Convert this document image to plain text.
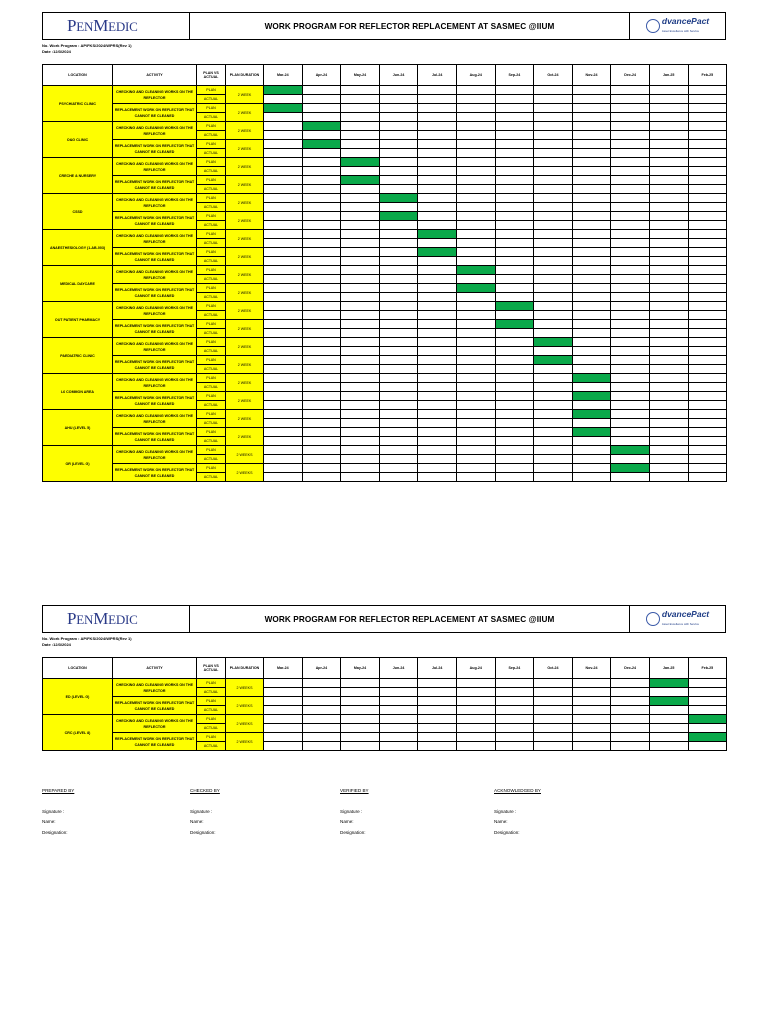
PENMEDIC	WORK PROGRAM FOR REFLECTOR REPLACEMENT AT SASMEC @IIUM	dvancePact
Asset Excellence with Service
No. Work Program : AP/FKS/2024/WPRS(Rev 1)
Date :12/3/2024
LOCATION	ACTIVITY	PLAN VS ACTUAL	PLAN DURATION	Mar-24	Apr-24	May-24	Jun-24	Jul-24	Aug-24	Sep-24	Oct-24	Nov-24	Dec-24	Jan-25	Feb-25
PSYCHIATRIC CLINIC	CHECKING AND CLEANING WORKS ON THE REFLECTOR	PLAN	2 WEEK												
		ACTUAL													
	REPLACEMENT WORK ON REFLECTOR THAT CANNOT BE CLEANED	PLAN	2 WEEK												
		ACTUAL													
O&G CLINIC	CHECKING AND CLEANING WORKS ON THE REFLECTOR	PLAN	2 WEEK												
		ACTUAL													
	REPLACEMENT WORK ON REFLECTOR THAT CANNOT BE CLEANED	PLAN	2 WEEK												
		ACTUAL													
CRECHE & NURSERY	CHECKING AND CLEANING WORKS ON THE REFLECTOR	PLAN	2 WEEK												
		ACTUAL													
	REPLACEMENT WORK ON REFLECTOR THAT CANNOT BE CLEANED	PLAN	2 WEEK												
		ACTUAL													
CSSD	CHECKING AND CLEANING WORKS ON THE REFLECTOR	PLAN	2 WEEK												
		ACTUAL													
	REPLACEMENT WORK ON REFLECTOR THAT CANNOT BE CLEANED	PLAN	2 WEEK												
		ACTUAL													
ANAESTHESIOLOGY (1-AB-003)	CHECKING AND CLEANING WORKS ON THE REFLECTOR	PLAN	2 WEEK												
		ACTUAL													
	REPLACEMENT WORK ON REFLECTOR THAT CANNOT BE CLEANED	PLAN	2 WEEK												
		ACTUAL													
MEDICAL DAYCARE	CHECKING AND CLEANING WORKS ON THE REFLECTOR	PLAN	2 WEEK												
		ACTUAL													
	REPLACEMENT WORK ON REFLECTOR THAT CANNOT BE CLEANED	PLAN	2 WEEK												
		ACTUAL													
OUT PATIENT PHARMACY	CHECKING AND CLEANING WORKS ON THE REFLECTOR	PLAN	2 WEEK												
		ACTUAL													
	REPLACEMENT WORK ON REFLECTOR THAT CANNOT BE CLEANED	PLAN	2 WEEK												
		ACTUAL													
PAEDIATRIC CLINIC	CHECKING AND CLEANING WORKS ON THE REFLECTOR	PLAN	2 WEEK												
		ACTUAL													
	REPLACEMENT WORK ON REFLECTOR THAT CANNOT BE CLEANED	PLAN	2 WEEK												
		ACTUAL													
L6 COMMON AREA	CHECKING AND CLEANING WORKS ON THE REFLECTOR	PLAN	2 WEEK												
		ACTUAL													
	REPLACEMENT WORK ON REFLECTOR THAT CANNOT BE CLEANED	PLAN	2 WEEK												
		ACTUAL													
AHU (LEVEL 5)	CHECKING AND CLEANING WORKS ON THE REFLECTOR	PLAN	2 WEEK												
		ACTUAL													
	REPLACEMENT WORK ON REFLECTOR THAT CANNOT BE CLEANED	PLAN	2 WEEK												
		ACTUAL													
OR (LEVEL G)	CHECKING AND CLEANING WORKS ON THE REFLECTOR	PLAN	2 WEEKS												
		ACTUAL													
	REPLACEMENT WORK ON REFLECTOR THAT CANNOT BE CLEANED	PLAN	2 WEEKS												
		ACTUAL													
PENMEDIC	WORK PROGRAM FOR REFLECTOR REPLACEMENT AT SASMEC @IIUM	dvancePact
Asset Excellence with Service
No. Work Program : AP/FKS/2024/WPRS(Rev 1)
Date :12/3/2024
LOCATION	ACTIVITY	PLAN VS ACTUAL	PLAN DURATION	Mar-24	Apr-24	May-24	Jun-24	Jul-24	Aug-24	Sep-24	Oct-24	Nov-24	Dec-24	Jan-25	Feb-25
ED (LEVEL G)	CHECKING AND CLEANING WORKS ON THE REFLECTOR	PLAN	2 WEEKS												
		ACTUAL													
	REPLACEMENT WORK ON REFLECTOR THAT CANNOT BE CLEANED	PLAN	2 WEEKS												
		ACTUAL													
CRC (LEVEL 8)	CHECKING AND CLEANING WORKS ON THE REFLECTOR	PLAN	2 WEEKS												
		ACTUAL													
	REPLACEMENT WORK ON REFLECTOR THAT CANNOT BE CLEANED	PLAN	2 WEEKS												
		ACTUAL													
PREPARED BY
Signature :
Name:
Designation:
CHECKED BY
Signature :
Name:
Designation:
VERIFIED BY
Signature :
Name:
Designation:
ACKNOWLEDGED BY
Signature :
Name:
Designation:
